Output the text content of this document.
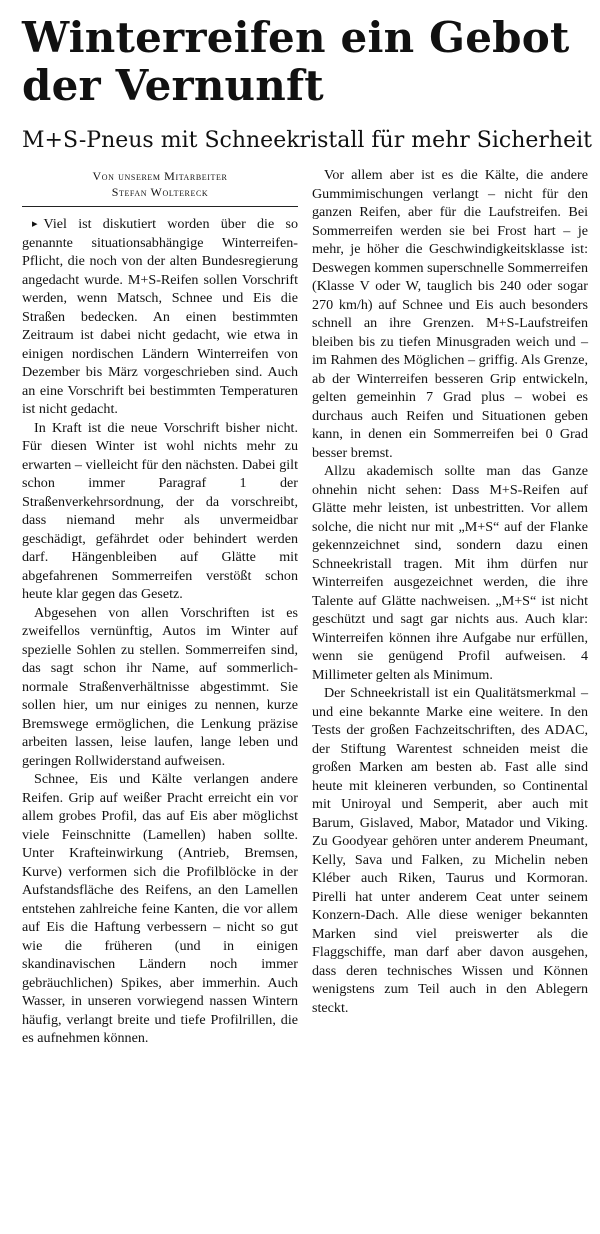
Winterreifen ein Gebot der Vernunft
M+S-Pneus mit Schneekristall für mehr Sicherheit
Von unserem Mitarbeiter
Stefan Woltereck

▸ Viel ist diskutiert worden über die so genannte situationsabhängige Winterreifen-Pflicht, die noch von der alten Bundesregierung angedacht wurde. M+S-Reifen sollen Vorschrift werden, wenn Matsch, Schnee und Eis die Straßen bedecken. An einen bestimmten Zeitraum ist dabei nicht gedacht, wie etwa in einigen nordischen Ländern Winterreifen von Dezember bis März vorgeschrieben sind. Auch an eine Vorschrift bei bestimmten Temperaturen ist nicht gedacht.

In Kraft ist die neue Vorschrift bisher nicht. Für diesen Winter ist wohl nichts mehr zu erwarten – vielleicht für den nächsten. Dabei gilt schon immer Paragraf 1 der Straßenverkehrsordnung, der da vorschreibt, dass niemand mehr als unvermeidbar geschädigt, gefährdet oder behindert werden darf. Hängenbleiben auf Glätte mit abgefahrenen Sommerreifen verstößt schon heute klar gegen das Gesetz.

Abgesehen von allen Vorschriften ist es zweifellos vernünftig, Autos im Winter auf spezielle Sohlen zu stellen. Sommerreifen sind, das sagt schon ihr Name, auf sommerlich-normale Straßenverhältnisse abgestimmt. Sie sollen hier, um nur einiges zu nennen, kurze Bremswege ermöglichen, die Lenkung präzise arbeiten lassen, leise laufen, lange leben und geringen Rollwiderstand aufweisen.

Schnee, Eis und Kälte verlangen andere Reifen. Grip auf weißer Pracht erreicht ein vor allem grobes Profil, das auf Eis aber möglichst viele Feinschnitte (Lamellen) haben sollte. Unter Krafteinwirkung (Antrieb, Bremsen, Kurve) verformen sich die Profilblöcke in der Aufstandsfläche des Reifens, an den Lamellen entstehen zahlreiche feine Kanten, die vor allem auf Eis die Haftung verbessern – nicht so gut wie die früheren (und in einigen skandinavischen Ländern noch immer gebräuchlichen) Spikes, aber immerhin. Auch Wasser, in unseren vorwiegend nassen Wintern häufig, verlangt breite und tiefe Profilrillen, die es aufnehmen können.

Vor allem aber ist es die Kälte, die andere Gummimischungen verlangt – nicht für den ganzen Reifen, aber für die Laufstreifen. Bei Sommerreifen werden sie bei Frost hart – je mehr, je höher die Geschwindigkeitsklasse ist: Deswegen kommen superschnelle Sommerreifen (Klasse V oder W, tauglich bis 240 oder sogar 270 km/h) auf Schnee und Eis auch besonders schnell an ihre Grenzen. M+S-Laufstreifen bleiben bis zu tiefen Minusgraden weich und – im Rahmen des Möglichen – griffig. Als Grenze, ab der Winterreifen besseren Grip entwickeln, gelten gemeinhin 7 Grad plus – wobei es durchaus auch Reifen und Situationen geben kann, in denen ein Sommerreifen bei 0 Grad besser bremst.

Allzu akademisch sollte man das Ganze ohnehin nicht sehen: Dass M+S-Reifen auf Glätte mehr leisten, ist unbestritten. Vor allem solche, die nicht nur mit „M+S“ auf der Flanke gekennzeichnet sind, sondern dazu einen Schneekristall tragen. Mit ihm dürfen nur Winterreifen ausgezeichnet werden, die ihre Talente auf Glätte nachweisen. „M+S“ ist nicht geschützt und sagt gar nichts aus. Auch klar: Winterreifen können ihre Aufgabe nur erfüllen, wenn sie genügend Profil aufweisen. 4 Millimeter gelten als Minimum.

Der Schneekristall ist ein Qualitätsmerkmal – und eine bekannte Marke eine weitere. In den Tests der großen Fachzeitschriften, des ADAC, der Stiftung Warentest schneiden meist die großen Marken am besten ab. Fast alle sind heute mit kleineren verbunden, so Continental mit Uniroyal und Semperit, aber auch mit Barum, Gislaved, Mabor, Matador und Viking. Zu Goodyear gehören unter anderem Pneumant, Kelly, Sava und Falken, zu Michelin neben Kléber auch Riken, Taurus und Kormoran. Pirelli hat unter anderem Ceat unter seinem Konzern-Dach. Alle diese weniger bekannten Marken sind viel preiswerter als die Flaggschiffe, man darf aber davon ausgehen, dass deren technisches Wissen und Können wenigstens zum Teil auch in den Ablegern steckt.
